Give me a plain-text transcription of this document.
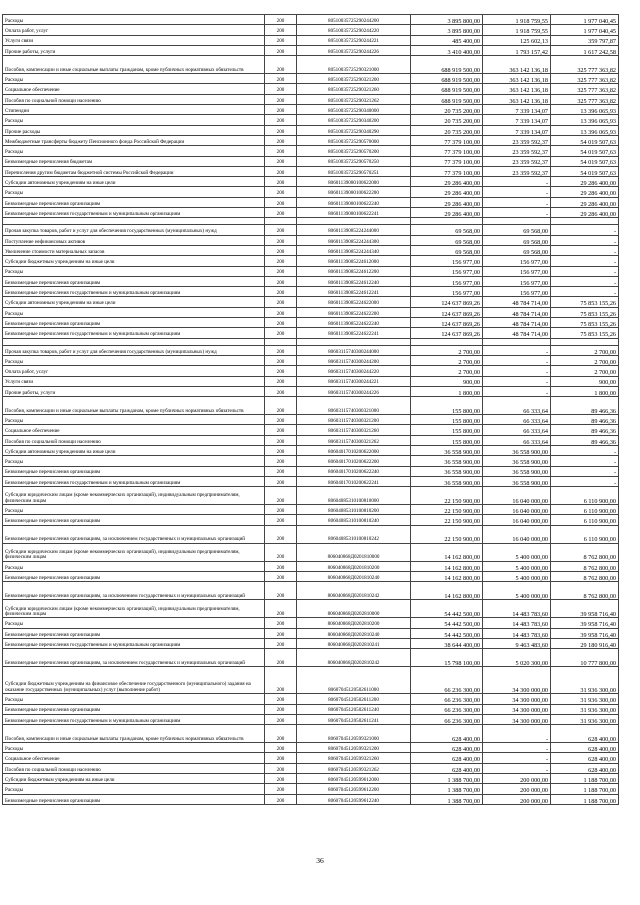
Расходы	200	80510035725290244200	3 895 800,00	1 918 759,55	1 977 040,45
Оплата работ, услуг	200	80510035725290244220	3 895 800,00	1 918 759,55	1 977 040,45
Услуги связи	200	80510035725290244221	485 400,00	125 602,13	359 797,87
Прочие работы, услуги	200	80510035725290244226	3 410 400,00	1 793 157,42	1 617 242,58
Пособия, компенсации и иные социальные выплаты гражданам, кроме публичных нормативных обязательств	200	80510035725290321000	688 919 500,00	363 142 136,18	325 777 363,82
Расходы	200	80510035725290321200	688 919 500,00	363 142 136,18	325 777 363,82
Социальное обеспечение	200	80510035725290321260	688 919 500,00	363 142 136,18	325 777 363,82
Пособия по социальной помощи населению	200	80510035725290321262	688 919 500,00	363 142 136,18	325 777 363,82
Стипендии	200	80510035725290340000	20 735 200,00	7 339 134,07	13 396 065,93
Расходы	200	80510035725290340200	20 735 200,00	7 339 134,07	13 396 065,93
Прочие расходы	200	80510035725290340290	20 735 200,00	7 339 134,07	13 396 065,93
Межбюджетные трансферты бюджету Пенсионного фонда Российской Федерации	200	80510035725290570000	77 379 100,00	23 359 592,37	54 019 507,63
Расходы	200	80510035725290570200	77 379 100,00	23 359 592,37	54 019 507,63
Безвозмездные перечисления бюджетам	200	80510035725290570250	77 379 100,00	23 359 592,37	54 019 507,63
Перечисления другим бюджетам бюджетной системы Российской Федерации	200	80510035725290570251	77 379 100,00	23 359 592,37	54 019 507,63
Субсидии автономным учреждениям на иные цели	200	80601139080100622000	29 286 400,00	-	29 286 400,00
Расходы	200	80601139080100622200	29 286 400,00	-	29 286 400,00
Безвозмездные перечисления организациям	200	80601139080100622240	29 286 400,00	-	29 286 400,00
Безвозмездные перечисления государственным и муниципальным организациям	200	80601139080100622241	29 286 400,00	-	29 286 400,00

Прочая закупка товаров, работ и услуг для обеспечения государственных (муниципальных) нужд	200	80601139085224244000	69 568,00	69 568,00	-
Поступление нефинансовых активов	200	80601139085224244300	69 568,00	69 568,00	-
Увеличение стоимости материальных запасов	200	80601139085224244340	69 568,00	69 568,00	-
Субсидии бюджетным учреждениям на иные цели	200	80601139085224612000	156 977,00	156 977,00	-
Расходы	200	80601139085224612200	156 977,00	156 977,00	-
Безвозмездные перечисления организациям	200	80601139085224612240	156 977,00	156 977,00	-
Безвозмездные перечисления государственным и муниципальным организациям	200	80601139085224612241	156 977,00	156 977,00	-
Субсидии автономным учреждениям на иные цели	200	80601139085224622000	124 637 869,26	48 784 714,00	75 853 155,26
Расходы	200	80601139085224622200	124 637 869,26	48 784 714,00	75 853 155,26
Безвозмездные перечисления организациям	200	80601139085224622240	124 637 869,26	48 784 714,00	75 853 155,26
Безвозмездные перечисления государственным и муниципальным организациям	200	80601139085224622241	124 637 869,26	48 784 714,00	75 853 155,26

Прочая закупка товаров, работ и услуг для обеспечения государственных (муниципальных) нужд	200	80603115740300244000	2 700,00	-	2 700,00
Расходы	200	80603115740300244200	2 700,00	-	2 700,00
Оплата работ, услуг	200	80603115740300244220	2 700,00	-	2 700,00
Услуги связи	200	80603115740300244221	900,00	-	900,00
Прочие работы, услуги	200	80603115740300244226	1 800,00	-	1 800,00
Пособия, компенсации и иные социальные выплаты гражданам, кроме публичных нормативных обязательств	200	80603115740300321000	155 800,00	66 333,64	89 466,36
Расходы	200	80603115740300321200	155 800,00	66 333,64	89 466,36
Социальное обеспечение	200	80603115740300321260	155 800,00	66 333,64	89 466,36
Пособия по социальной помощи населению	200	80603115740300321262	155 800,00	66 333,64	89 466,36
Субсидии автономным учреждениям на иные цели	200	80604017010200622000	36 558 900,00	36 558 900,00	-
Расходы	200	80604017010200622200	36 558 900,00	36 558 900,00	-
Безвозмездные перечисления организациям	200	80604017010200622240	36 558 900,00	36 558 900,00	-
Безвозмездные перечисления государственным и муниципальным организациям	200	80604017010200622241	36 558 900,00	36 558 900,00	-
Субсидии юридическим лицам (кроме некоммерческих организаций), индивидуальным предпринимателям, физическим лицам	200	80604085310100810000	22 150 900,00	16 040 000,00	6 110 900,00
Расходы	200	80604085310100810200	22 150 900,00	16 040 000,00	6 110 900,00
Безвозмездные перечисления организациям	200	80604085310100810240	22 150 900,00	16 040 000,00	6 110 900,00
Безвозмездные перечисления организациям, за исключением государственных и муниципальных организаций	200	80604085310100810242	22 150 900,00	16 040 000,00	6 110 900,00
Субсидии юридическим лицам (кроме некоммерческих организаций), индивидуальным предпринимателям, физическим лицам	200	806040868Д0201810000	14 162 800,00	5 400 000,00	8 762 800,00
Расходы	200	806040868Д0201810200	14 162 800,00	5 400 000,00	8 762 800,00
Безвозмездные перечисления организациям	200	806040868Д0201810240	14 162 800,00	5 400 000,00	8 762 800,00
Безвозмездные перечисления организациям, за исключением государственных и муниципальных организаций	200	806040868Д0201810242	14 162 800,00	5 400 000,00	8 762 800,00
Субсидии юридическим лицам (кроме некоммерческих организаций), индивидуальным предпринимателям, физическим лицам	200	806040868Д0202810000	54 442 500,00	14 483 783,60	39 958 716,40
Расходы	200	806040868Д0202810200	54 442 500,00	14 483 783,60	39 958 716,40
Безвозмездные перечисления организациям	200	806040868Д0202810240	54 442 500,00	14 483 783,60	39 958 716,40
Безвозмездные перечисления государственным и муниципальным организациям	200	806040868Д0202810241	38 644 400,00	9 463 483,60	29 180 916,40
Безвозмездные перечисления организациям, за исключением государственных и муниципальных организаций	200	806040868Д0202810242	15 798 100,00	5 020 300,00	10 777 800,00
Субсидии бюджетным учреждениям на финансовое обеспечение государственного (муниципального) задания на оказание государственных (муниципальных) услуг (выполнение работ)	200	80607045120502611000	66 236 300,00	34 300 000,00	31 936 300,00
Расходы	200	80607045120502611200	66 236 300,00	34 300 000,00	31 936 300,00
Безвозмездные перечисления организациям	200	80607045120502611240	66 236 300,00	34 300 000,00	31 936 300,00
Безвозмездные перечисления государственным и муниципальным организациям	200	80607045120502611241	66 236 300,00	34 300 000,00	31 936 300,00
Пособия, компенсации и иные социальные выплаты гражданам, кроме публичных нормативных обязательств	200	80607045120599321000	628 400,00	-	628 400,00
Расходы	200	80607045120599321200	628 400,00	-	628 400,00
Социальное обеспечение	200	80607045120599321260	628 400,00	-	628 400,00
Пособия по социальной помощи населению	200	80607045120599321262	628 400,00	-	628 400,00
Субсидии бюджетным учреждениям на иные цели	200	80607045120599612000	1 388 700,00	200 000,00	1 188 700,00
Расходы	200	80607045120599612200	1 388 700,00	200 000,00	1 188 700,00
Безвозмездные перечисления организациям	200	80607045120599612240	1 388 700,00	200 000,00	1 188 700,00
36
